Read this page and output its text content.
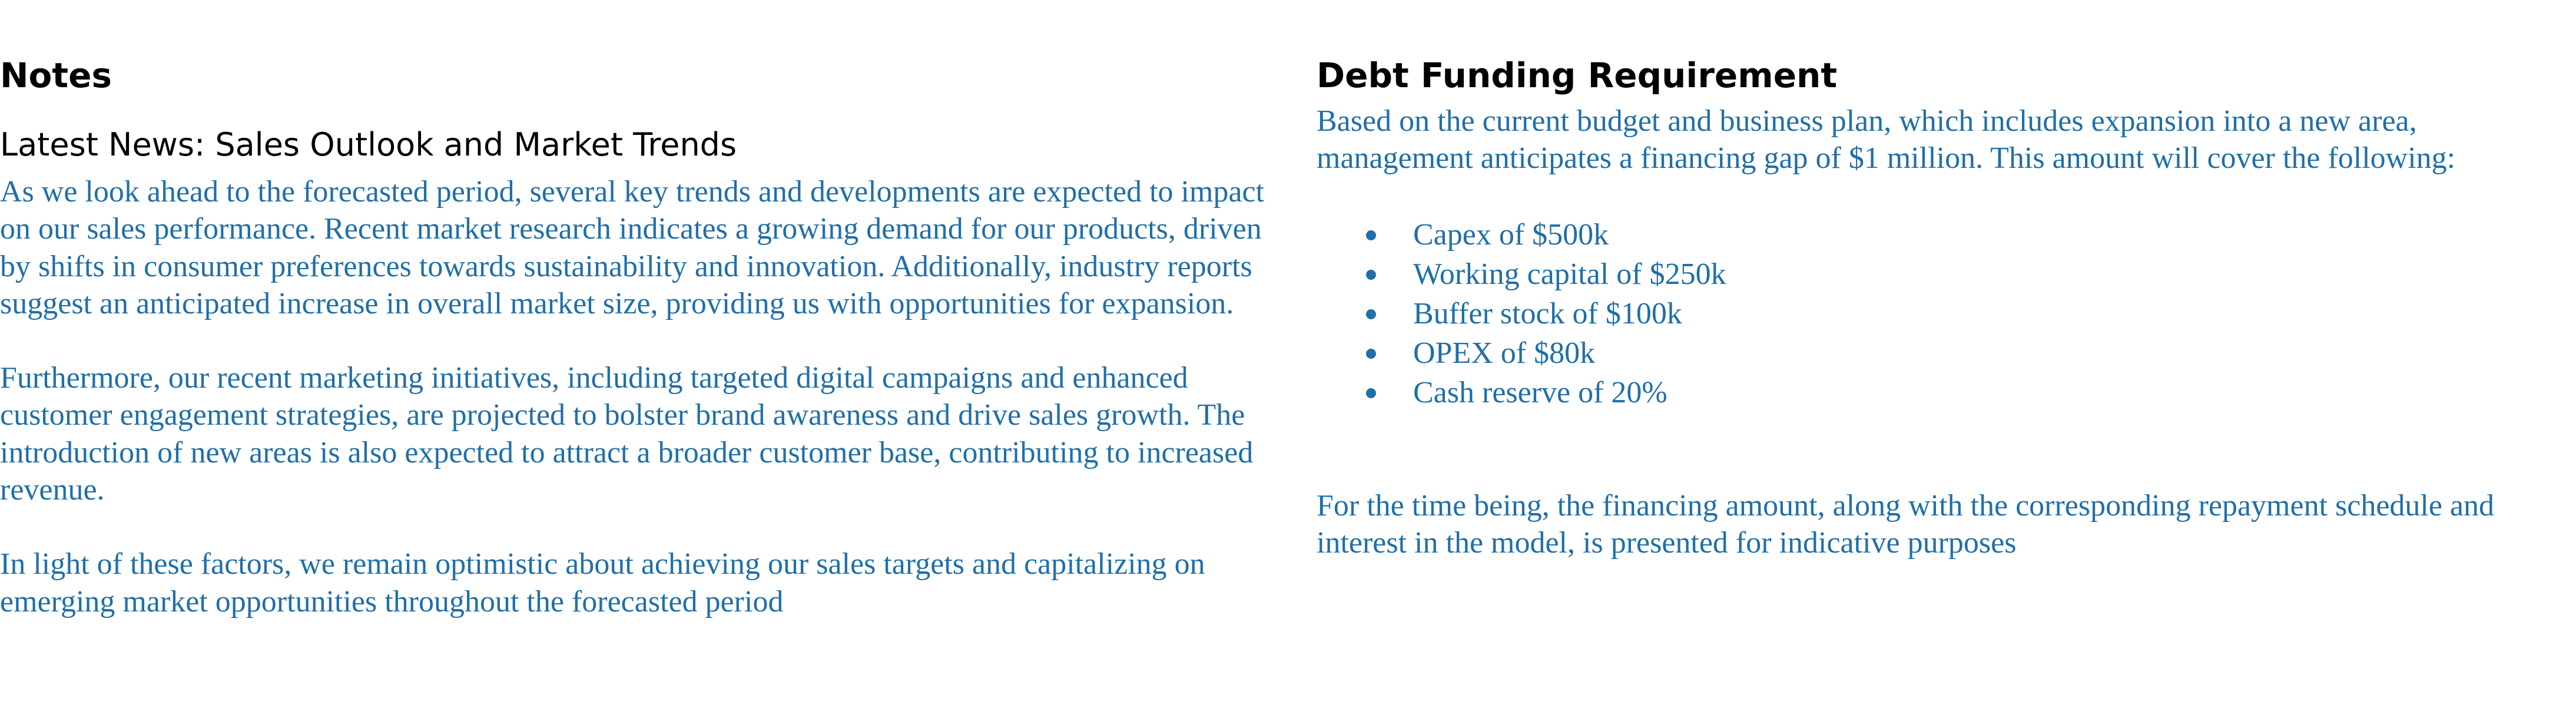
Notes
Latest News: Sales Outlook and Market Trends

As we look ahead to the forecasted period, several key trends and developments are expected to impact on our sales performance. Recent market research indicates a growing demand for our products, driven by shifts in consumer preferences towards sustainability and innovation. Additionally, industry reports suggest an anticipated increase in overall market size, providing us with opportunities for expansion.

Furthermore, our recent marketing initiatives, including targeted digital campaigns and enhanced customer engagement strategies, are projected to bolster brand awareness and drive sales growth. The introduction of new areas is also expected to attract a broader customer base, contributing to increased revenue.

In light of these factors, we remain optimistic about achieving our sales targets and capitalizing on emerging market opportunities throughout the forecasted period

Debt Funding Requirement

Based on the current budget and business plan, which includes expansion into a new area, management anticipates a financing gap of $1 million. This amount will cover the following:

Capex of $500k
Working capital of $250k
Buffer stock of $100k
OPEX of $80k
Cash reserve of 20%

For the time being, the financing amount, along with the corresponding repayment schedule and interest in the model, is presented for indicative purposes
